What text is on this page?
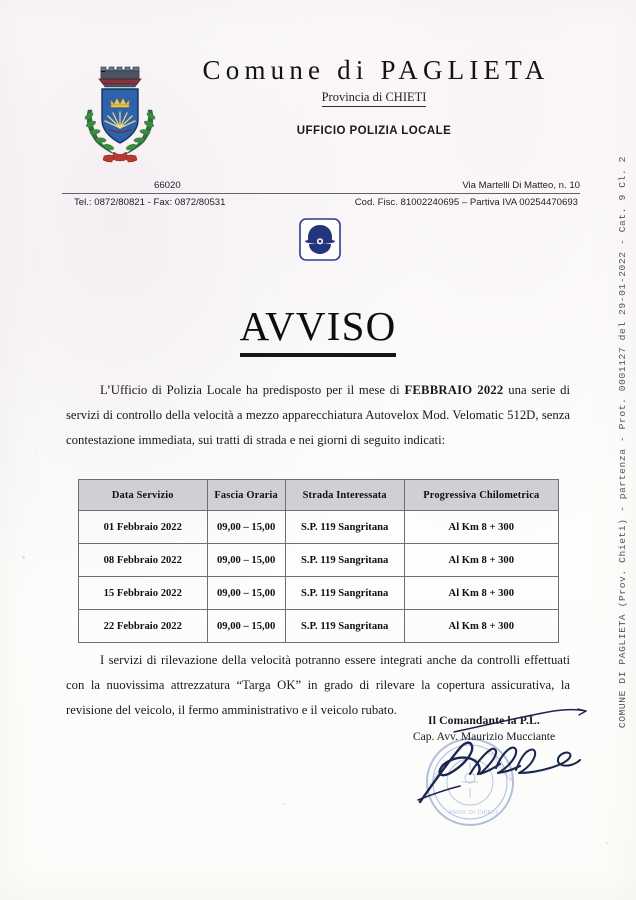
Comune di PAGLIETA
Provincia di CHIETI
UFFICIO POLIZIA LOCALE
66020	Via Martelli Di Matteo, n. 10
Tel.: 0872/80821 - Fax: 0872/80531	Cod. Fisc. 81002240695 – Partiva IVA 00254470693
AVVISO
L’Ufficio di Polizia Locale ha predisposto per il mese di FEBBRAIO 2022 una serie di servizi di controllo della velocità a mezzo apparecchiatura Autovelox Mod. Velomatic 512D, senza contestazione immediata, sui tratti di strada e nei giorni di seguito indicati:
Data Servizio	Fascia Oraria	Strada Interessata	Progressiva Chilometrica
01 Febbraio 2022	09,00 – 15,00	S.P. 119 Sangritana	Al Km 8 + 300
08 Febbraio 2022	09,00 – 15,00	S.P. 119 Sangritana	Al Km 8 + 300
15 Febbraio 2022	09,00 – 15,00	S.P. 119 Sangritana	Al Km 8 + 300
22 Febbraio 2022	09,00 – 15,00	S.P. 119 Sangritana	Al Km 8 + 300
I servizi di rilevazione della velocità potranno essere integrati anche da controlli effettuati con la nuovissima attrezzatura “Targa OK” in grado di rilevare la copertura assicurativa, la revisione del veicolo, il fermo amministrativo e il veicolo rubato.
COMUNE	DI PAGLIETA
· PROV. DI CHIETI ·
Il Comandante la P.L.
Cap. Avv. Maurizio Mucciante
COMUNE DI PAGLIETA (Prov. Chieti) - partenza - Prot. 0001127 del 29-01-2022 - Cat. 9 Cl. 2
